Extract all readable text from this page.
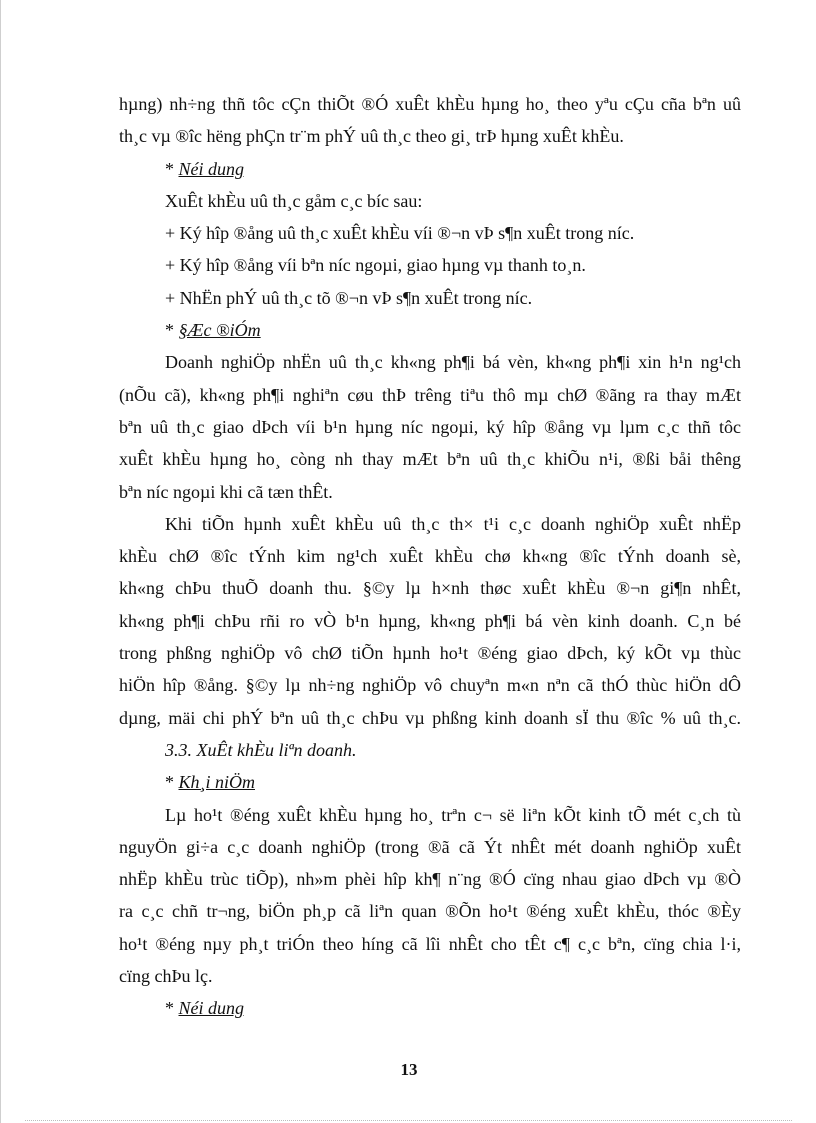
hµng) nh÷ng thñ tôc cÇn thiÕt ®Ó xuÊt khÈu hµng ho¸ theo yªu cÇu cña bªn uû
th¸c vµ ®îc hëng phÇn tr¨m phÝ uû th¸c theo gi¸ trÞ hµng xuÊt khÈu.
* Néi dung
XuÊt khÈu uû th¸c gåm c¸c bíc sau:
+ Ký hîp ®ång uû th¸c xuÊt khÈu víi ®¬n vÞ s¶n xuÊt trong níc.
+ Ký hîp ®ång víi bªn níc ngoµi, giao hµng vµ thanh to¸n.
+ NhËn phÝ uû th¸c tõ ®¬n vÞ s¶n xuÊt trong níc.
* §Æc ®iÓm
Doanh nghiÖp nhËn uû th¸c kh«ng ph¶i bá vèn, kh«ng ph¶i xin h¹n ng¹ch
(nÕu cã), kh«ng ph¶i nghiªn cøu thÞ trêng tiªu thô mµ chØ ®ãng ra thay mÆt
bªn uû th¸c giao dÞch víi b¹n hµng níc ngoµi, ký hîp ®ång vµ lµm c¸c thñ tôc
xuÊt khÈu hµng ho¸ còng nh thay mÆt bªn uû th¸c khiÕu n¹i, ®ßi båi thêng
bªn níc ngoµi khi cã tæn thÊt.
Khi tiÕn hµnh xuÊt khÈu uû th¸c th× t¹i c¸c doanh nghiÖp xuÊt nhËp
khÈu chØ ®îc tÝnh kim ng¹ch xuÊt khÈu chø kh«ng ®îc tÝnh doanh sè,
kh«ng chÞu thuÕ doanh thu. §©y lµ h×nh thøc xuÊt khÈu ®¬n gi¶n nhÊt,
kh«ng ph¶i chÞu rñi ro vÒ b¹n hµng, kh«ng ph¶i bá vèn kinh doanh. C¸n bé
trong phßng nghiÖp vô chØ tiÕn hµnh ho¹t ®éng giao dÞch, ký kÕt vµ thùc
hiÖn hîp ®ång. §©y lµ nh÷ng nghiÖp vô chuyªn m«n nªn cã thÓ thùc hiÖn dÔ
dµng, mäi chi phÝ bªn uû th¸c chÞu vµ phßng kinh doanh sÏ thu ®îc % uû th¸c.
3.3. XuÊt khÈu liªn doanh.
* Kh¸i niÖm
Lµ ho¹t ®éng xuÊt khÈu hµng ho¸ trªn c¬ së liªn kÕt kinh tÕ mét c¸ch tù
nguyÖn gi÷a c¸c doanh nghiÖp (trong ®ã cã Ýt nhÊt mét doanh nghiÖp xuÊt
nhËp khÈu trùc tiÕp), nh»m phèi hîp kh¶ n¨ng ®Ó cïng nhau giao dÞch vµ ®Ò
ra c¸c chñ tr¬ng, biÖn ph¸p cã liªn quan ®Õn ho¹t ®éng xuÊt khÈu, thóc ®Èy
ho¹t ®éng nµy ph¸t triÓn theo híng cã lîi nhÊt cho tÊt c¶ c¸c bªn, cïng chia l·i,
cïng chÞu lç.
* Néi dung
13
